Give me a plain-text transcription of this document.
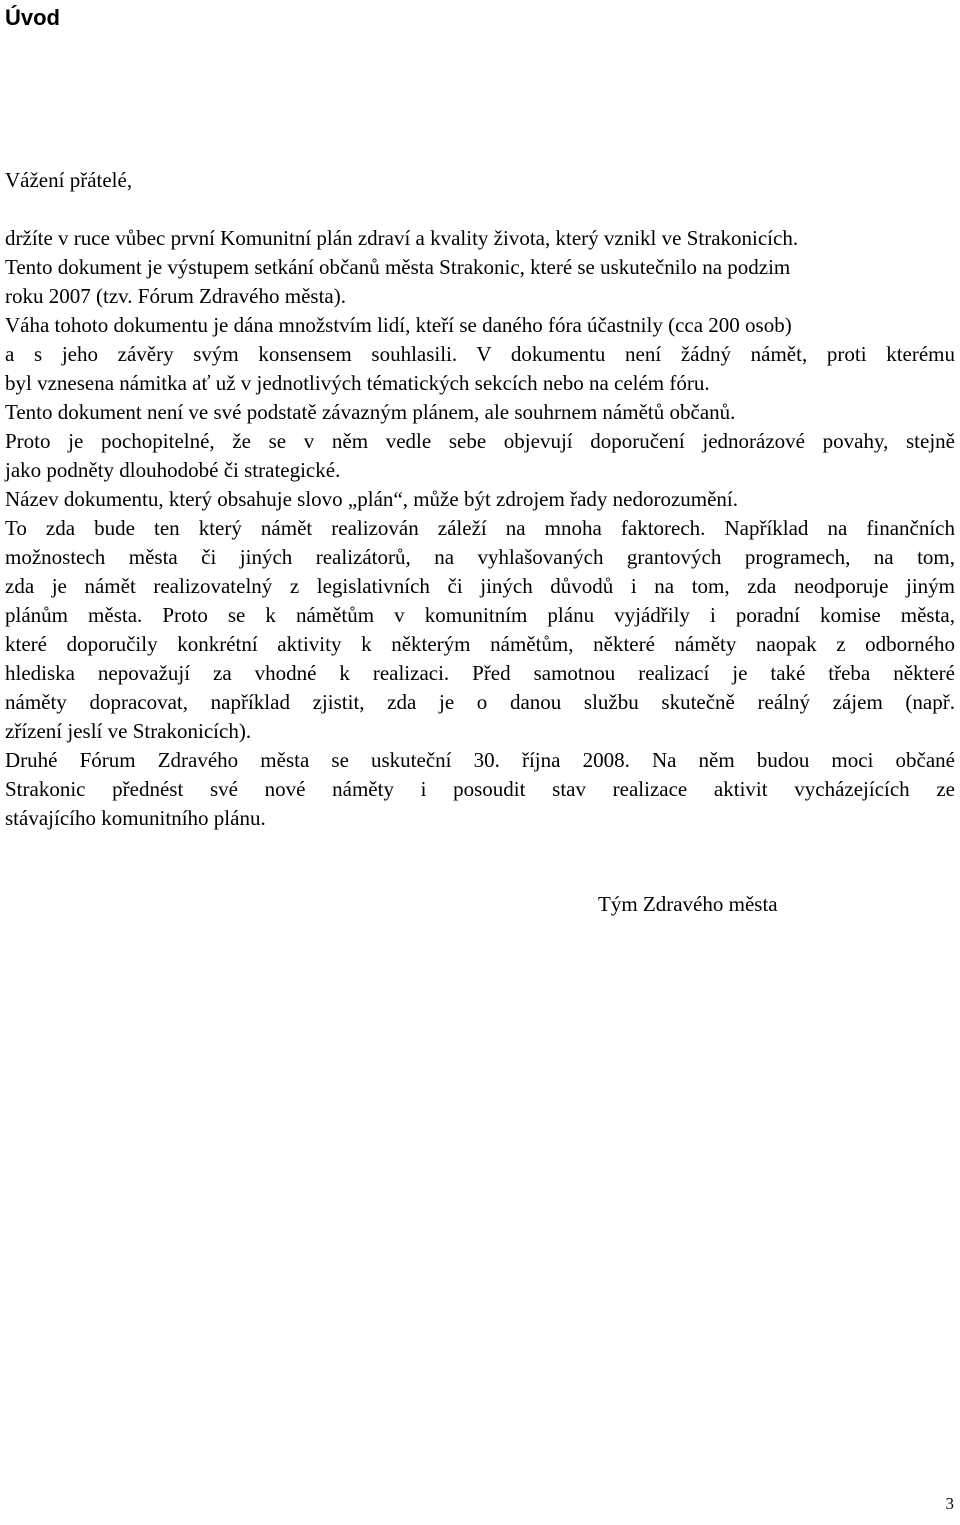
Úvod

Vážení přátelé,

držíte v ruce vůbec první Komunitní plán zdraví a kvality života, který vznikl ve Strakonicích.
Tento dokument je výstupem setkání občanů města Strakonic, které se uskutečnilo na podzim
roku 2007 (tzv. Fórum Zdravého města).
Váha tohoto dokumentu je dána množstvím lidí, kteří se daného fóra účastnily (cca 200 osob)
a s jeho závěry svým konsensem souhlasili. V dokumentu není žádný námět, proti kterému
byl vznesena námitka ať už v jednotlivých tématických sekcích nebo na celém fóru.
Tento dokument není ve své podstatě závazným plánem, ale souhrnem námětů občanů.
Proto je pochopitelné, že se v něm vedle sebe objevují doporučení jednorázové povahy, stejně
jako podněty dlouhodobé či strategické.
Název dokumentu, který obsahuje slovo „plán“, může být zdrojem řady nedorozumění.
To zda bude ten který námět realizován záleží na mnoha faktorech. Například na finančních
možnostech města či jiných realizátorů, na vyhlašovaných grantových programech, na tom,
zda je námět realizovatelný z legislativních či jiných důvodů i na tom, zda neodporuje jiným
plánům města. Proto se k námětům v komunitním plánu vyjádřily i poradní komise města,
které doporučily konkrétní aktivity k některým námětům, některé náměty naopak z odborného
hlediska nepovažují za vhodné k realizaci. Před samotnou realizací je také třeba některé
náměty dopracovat, například zjistit, zda je o danou službu skutečně reálný zájem (např.
zřízení jeslí ve Strakonicích).
Druhé Fórum Zdravého města se uskuteční 30. října 2008. Na něm budou moci občané
Strakonic přednést své nové náměty i posoudit stav realizace aktivit vycházejících ze
stávajícího komunitního plánu.

Tým Zdravého města

3
